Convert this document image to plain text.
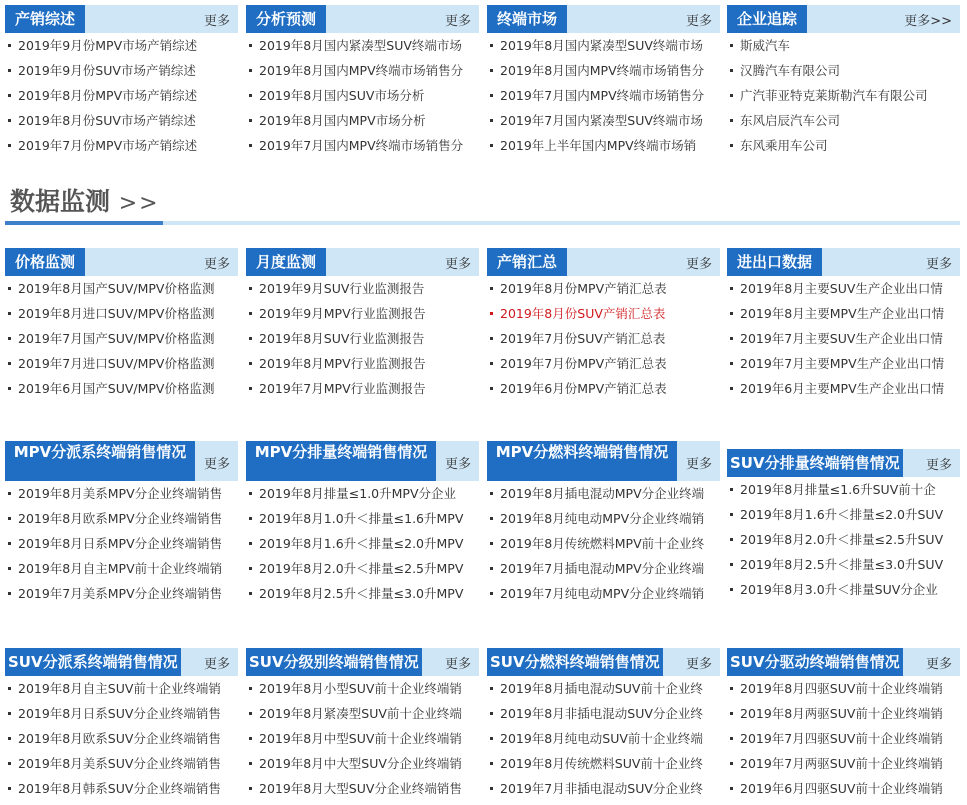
产销综述	更多
2019年9月份MPV市场产销综述
2019年9月份SUV市场产销综述
2019年8月份MPV市场产销综述
2019年8月份SUV市场产销综述
2019年7月份MPV市场产销综述
分析预测	更多
2019年8月国内紧凑型SUV终端市场
2019年8月国内MPV终端市场销售分
2019年8月国内SUV市场分析
2019年8月国内MPV市场分析
2019年7月国内MPV终端市场销售分
终端市场	更多
2019年8月国内紧凑型SUV终端市场
2019年8月国内MPV终端市场销售分
2019年7月国内MPV终端市场销售分
2019年7月国内紧凑型SUV终端市场
2019年上半年国内MPV终端市场销
企业追踪	更多>>
斯威汽车
汉腾汽车有限公司
广汽菲亚特克莱斯勒汽车有限公司
东风启辰汽车公司
东风乘用车公司
数据监测 >>
价格监测	更多
2019年8月国产SUV/MPV价格监测
2019年8月进口SUV/MPV价格监测
2019年7月国产SUV/MPV价格监测
2019年7月进口SUV/MPV价格监测
2019年6月国产SUV/MPV价格监测
月度监测	更多
2019年9月SUV行业监测报告
2019年9月MPV行业监测报告
2019年8月SUV行业监测报告
2019年8月MPV行业监测报告
2019年7月MPV行业监测报告
产销汇总	更多
2019年8月份MPV产销汇总表
2019年8月份SUV产销汇总表
2019年7月份SUV产销汇总表
2019年7月份MPV产销汇总表
2019年6月份MPV产销汇总表
进出口数据	更多
2019年8月主要SUV生产企业出口情
2019年8月主要MPV生产企业出口情
2019年7月主要SUV生产企业出口情
2019年7月主要MPV生产企业出口情
2019年6月主要MPV生产企业出口情
MPV分派系终端销售情况
更多
2019年8月美系MPV分企业终端销售
2019年8月欧系MPV分企业终端销售
2019年8月日系MPV分企业终端销售
2019年8月自主MPV前十企业终端销
2019年7月美系MPV分企业终端销售
MPV分排量终端销售情况
更多
2019年8月排量≤1.0升MPV分企业
2019年8月1.0升＜排量≤1.6升MPV
2019年8月1.6升＜排量≤2.0升MPV
2019年8月2.0升＜排量≤2.5升MPV
2019年8月2.5升＜排量≤3.0升MPV
MPV分燃料终端销售情况
更多
2019年8月插电混动MPV分企业终端
2019年8月纯电动MPV分企业终端销
2019年8月传统燃料MPV前十企业终
2019年7月插电混动MPV分企业终端
2019年7月纯电动MPV分企业终端销
SUV分排量终端销售情况 更多
2019年8月排量≤1.6升SUV前十企
2019年8月1.6升＜排量≤2.0升SUV
2019年8月2.0升＜排量≤2.5升SUV
2019年8月2.5升＜排量≤3.0升SUV
2019年8月3.0升＜排量SUV分企业
SUV分派系终端销售情况 更多
2019年8月自主SUV前十企业终端销
2019年8月日系SUV分企业终端销售
2019年8月欧系SUV分企业终端销售
2019年8月美系SUV分企业终端销售
2019年8月韩系SUV分企业终端销售
SUV分级别终端销售情况 更多
2019年8月小型SUV前十企业终端销
2019年8月紧凑型SUV前十企业终端
2019年8月中型SUV前十企业终端销
2019年8月中大型SUV分企业终端销
2019年8月大型SUV分企业终端销售
SUV分燃料终端销售情况 更多
2019年8月插电混动SUV前十企业终
2019年8月非插电混动SUV分企业终
2019年8月纯电动SUV前十企业终端
2019年8月传统燃料SUV前十企业终
2019年7月非插电混动SUV分企业终
SUV分驱动终端销售情况 更多
2019年8月四驱SUV前十企业终端销
2019年8月两驱SUV前十企业终端销
2019年7月四驱SUV前十企业终端销
2019年7月两驱SUV前十企业终端销
2019年6月四驱SUV前十企业终端销
